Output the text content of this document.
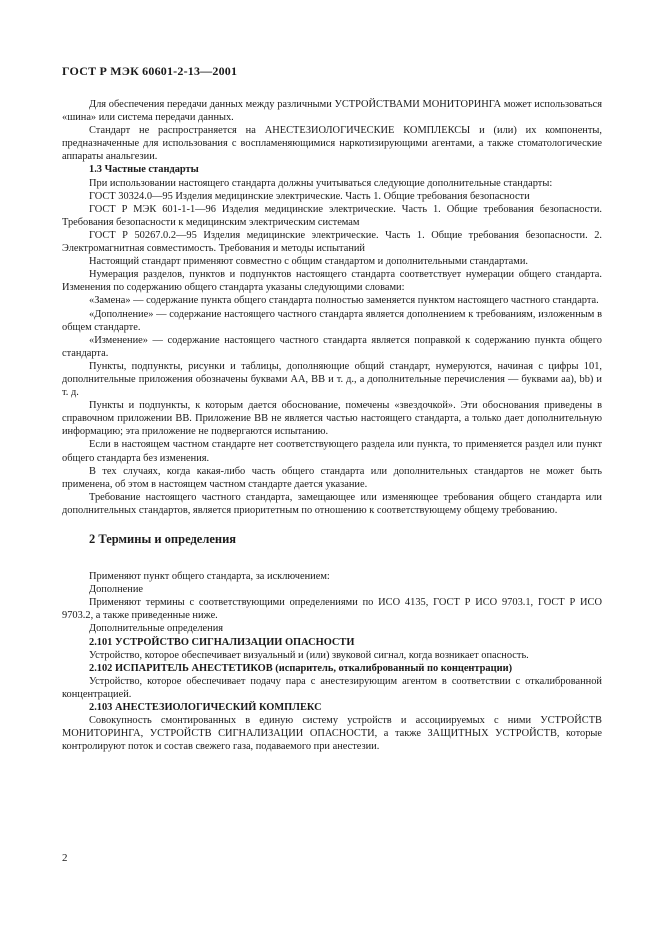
ГОСТ Р МЭК 60601-2-13—2001

Для обеспечения передачи данных между различными УСТРОЙСТВАМИ МОНИТОРИНГА может использоваться «шина» или система передачи данных.

Стандарт не распространяется на АНЕСТЕЗИОЛОГИЧЕСКИЕ КОМПЛЕКСЫ и (или) их компоненты, предназначенные для использования с воспламеняющимися наркотизирующими агентами, а также стоматологические аппараты анальгезии.

1.3 Частные стандарты

При использовании настоящего стандарта должны учитываться следующие дополнительные стандарты:

ГОСТ 30324.0—95 Изделия медицинские электрические. Часть 1. Общие требования безопасности

ГОСТ Р МЭК 601-1-1—96 Изделия медицинские электрические. Часть 1. Общие требования безопасности. Требования безопасности к медицинским электрическим системам

ГОСТ Р 50267.0.2—95 Изделия медицинские электрические. Часть 1. Общие требования безопасности. 2. Электромагнитная совместимость. Требования и методы испытаний

Настоящий стандарт применяют совместно с общим стандартом и дополнительными стандартами.

Нумерация разделов, пунктов и подпунктов настоящего стандарта соответствует нумерации общего стандарта. Изменения по содержанию общего стандарта указаны следующими словами:

«Замена» — содержание пункта общего стандарта полностью заменяется пунктом настоящего частного стандарта.

«Дополнение» — содержание настоящего частного стандарта является дополнением к требованиям, изложенным в общем стандарте.

«Изменение» — содержание настоящего частного стандарта является поправкой к содержанию пункта общего стандарта.

Пункты, подпункты, рисунки и таблицы, дополняющие общий стандарт, нумеруются, начиная с цифры 101, дополнительные приложения обозначены буквами АА, ВВ и т. д., а дополнительные перечисления — буквами аа), bb) и т. д.

Пункты и подпункты, к которым дается обоснование, помечены «звездочкой». Эти обоснования приведены в справочном приложении ВВ. Приложение ВВ не является частью настоящего стандарта, а только дает дополнительную информацию; эта приложение не подвергаются испытанию.

Если в настоящем частном стандарте нет соответствующего раздела или пункта, то применяется раздел или пункт общего стандарта без изменения.

В тех случаях, когда какая-либо часть общего стандарта или дополнительных стандартов не может быть применена, об этом в настоящем частном стандарте дается указание.

Требование настоящего частного стандарта, замещающее или изменяющее требования общего стандарта или дополнительных стандартов, является приоритетным по отношению к соответствующему общему требованию.

2 Термины и определения

Применяют пункт общего стандарта, за исключением:

Дополнение

Применяют термины с соответствующими определениями по ИСО 4135, ГОСТ Р ИСО 9703.1, ГОСТ Р ИСО 9703.2, а также приведенные ниже.

Дополнительные определения

2.101 УСТРОЙСТВО СИГНАЛИЗАЦИИ ОПАСНОСТИ

Устройство, которое обеспечивает визуальный и (или) звуковой сигнал, когда возникает опасность.

2.102 ИСПАРИТЕЛЬ АНЕСТЕТИКОВ (испаритель, откалиброванный по концентрации)

Устройство, которое обеспечивает подачу пара с анестезирующим агентом в соответствии с откалиброванной концентрацией.

2.103 АНЕСТЕЗИОЛОГИЧЕСКИЙ КОМПЛЕКС

Совокупность смонтированных в единую систему устройств и ассоциируемых с ними УСТРОЙСТВ МОНИТОРИНГА, УСТРОЙСТВ СИГНАЛИЗАЦИИ ОПАСНОСТИ, а также ЗАЩИТНЫХ УСТРОЙСТВ, которые контролируют поток и состав свежего газа, подаваемого при анестезии.

2
